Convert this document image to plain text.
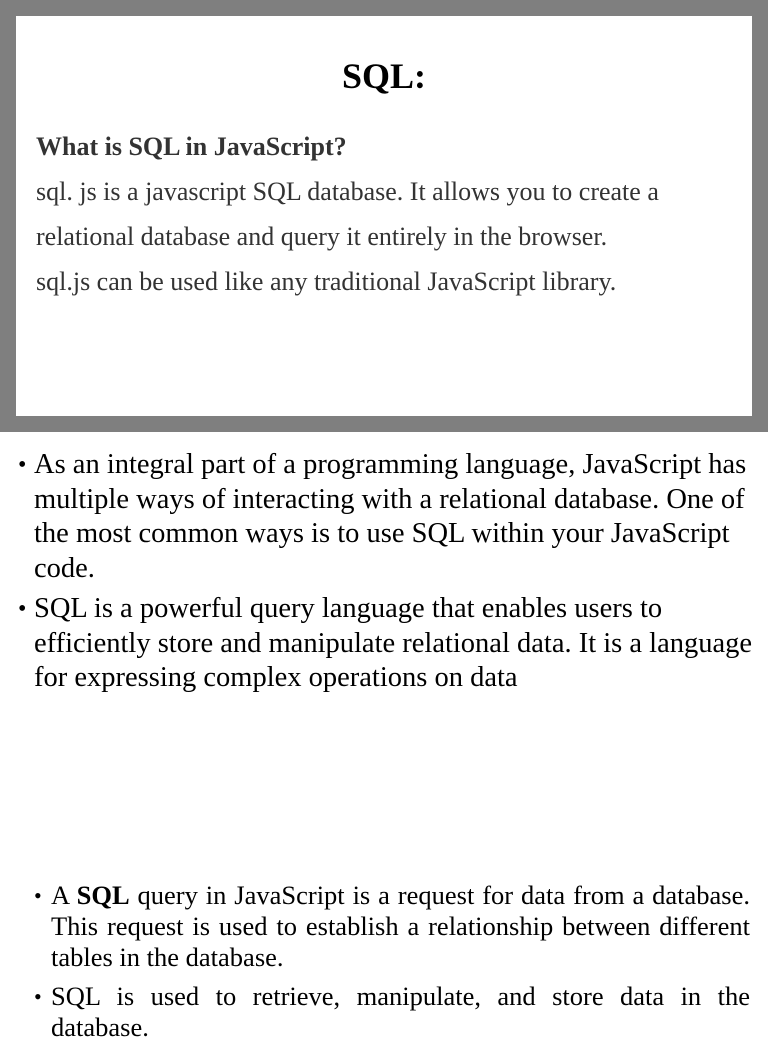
SQL:
What is SQL in JavaScript?
sql. js is a javascript SQL database. It allows you to create a
relational database and query it entirely in the browser.
sql.js can be used like any traditional JavaScript library.
• As an integral part of a programming language, JavaScript has multiple ways of interacting with a relational database. One of the most common ways is to use SQL within your JavaScript code.
• SQL is a powerful query language that enables users to efficiently store and manipulate relational data. It is a language for expressing complex operations on data
• A SQL query in JavaScript is a request for data from a database. This request is used to establish a relationship between different tables in the database.
• SQL is used to retrieve, manipulate, and store data in the database.
